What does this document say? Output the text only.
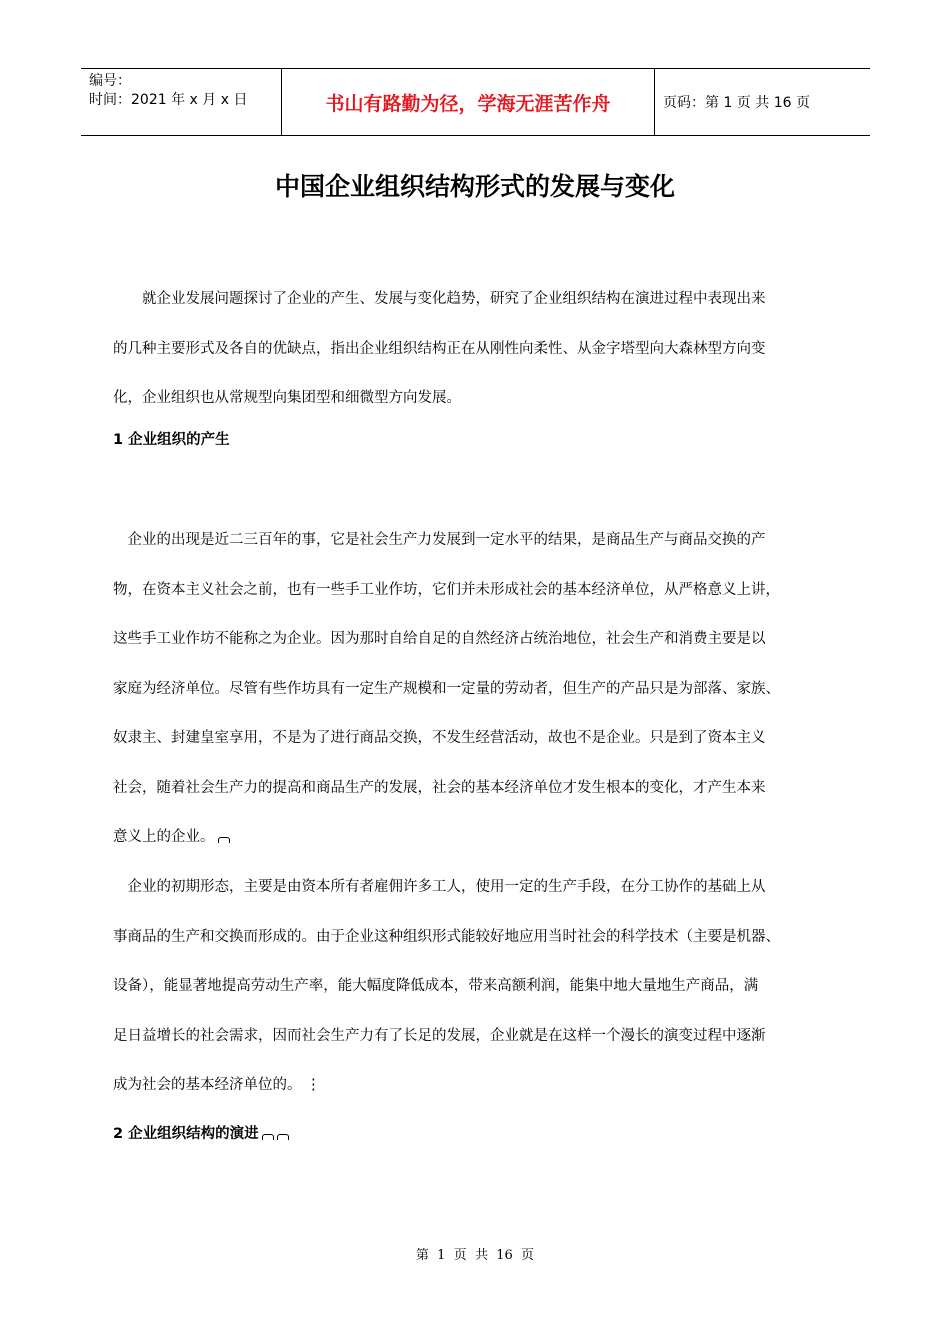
编号：
时间：2021 年 x 月 x 日	书山有路勤为径，学海无涯苦作舟	页码：第 1 页 共 16 页
中国企业组织结构形式的发展与变化
　　就企业发展问题探讨了企业的产生、发展与变化趋势，研究了企业组织结构在演进过程中表现出来
的几种主要形式及各自的优缺点，指出企业组织结构正在从刚性向柔性、从金字塔型向大森林型方向变
化，企业组织也从常规型向集团型和细微型方向发展。
1 企业组织的产生
　企业的出现是近二三百年的事，它是社会生产力发展到一定水平的结果，是商品生产与商品交换的产
物，在资本主义社会之前，也有一些手工业作坊，它们并未形成社会的基本经济单位，从严格意义上讲，
这些手工业作坊不能称之为企业。因为那时自给自足的自然经济占统治地位，社会生产和消费主要是以
家庭为经济单位。尽管有些作坊具有一定生产规模和一定量的劳动者，但生产的产品只是为部落、家族、
奴隶主、封建皇室享用，不是为了进行商品交换，不发生经营活动，故也不是企业。只是到了资本主义
社会，随着社会生产力的提高和商品生产的发展，社会的基本经济单位才发生根本的变化，才产生本来
意义上的企业。
　企业的初期形态，主要是由资本所有者雇佣许多工人，使用一定的生产手段，在分工协作的基础上从
事商品的生产和交换而形成的。由于企业这种组织形式能较好地应用当时社会的科学技术（主要是机器、
设备），能显著地提高劳动生产率，能大幅度降低成本，带来高额利润，能集中地大量地生产商品，满
足日益增长的社会需求，因而社会生产力有了长足的发展，企业就是在这样一个漫长的演变过程中逐渐
成为社会的基本经济单位的。 ⋮
2 企业组织结构的演进
第  1  页  共  16  页
